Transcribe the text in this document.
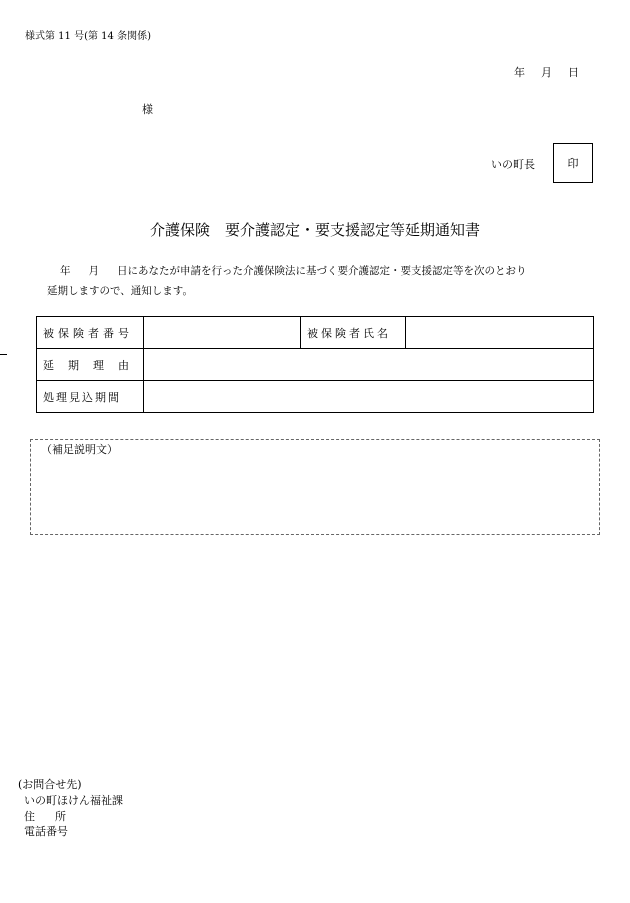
様式第 11 号(第 14 条関係)
年 月 日
様
いの町長	印
介護保険　要介護認定・要支援認定等延期通知書
年 月 日にあなたが申請を行った介護保険法に基づく要介護認定・要支援認定等を次のとおり
延期しますので、通知します。
被保険者番号		被保険者氏名	
延期理由			
処理見込期間			
（補足説明文）
(お問合せ先)
いの町ほけん福祉課
住 所
電話番号
